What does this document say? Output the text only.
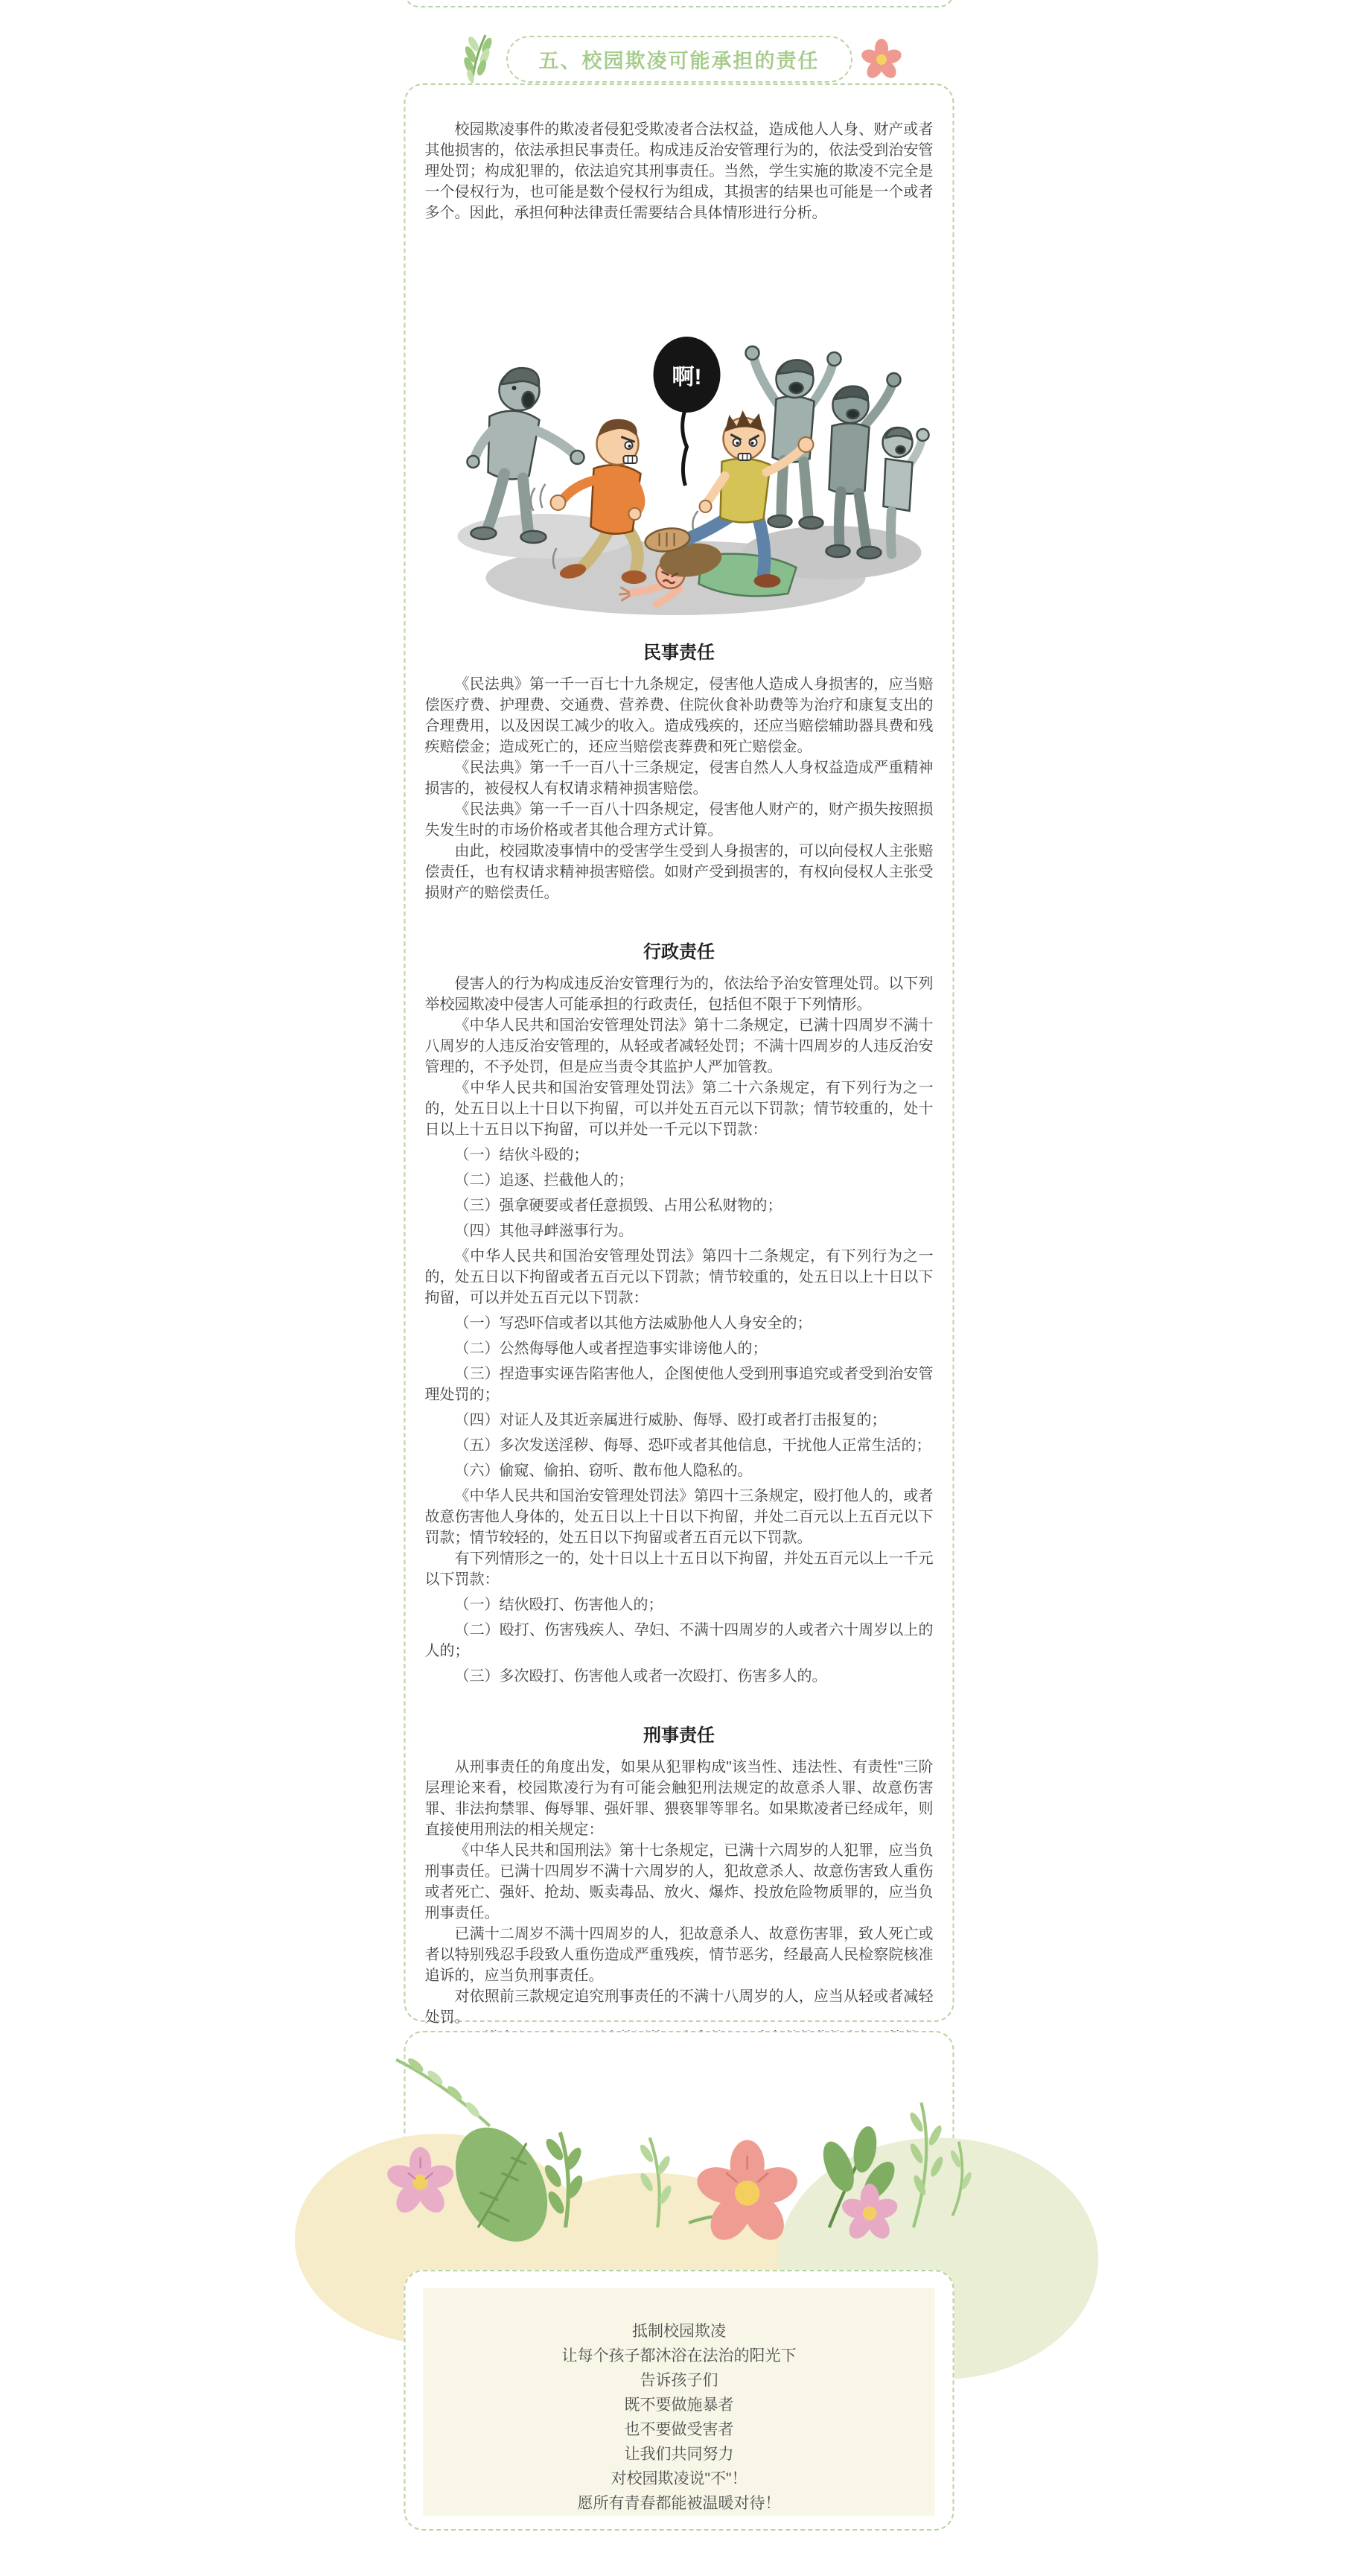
五、校园欺凌可能承担的责任

校园欺凌事件的欺凌者侵犯受欺凌者合法权益，造成他人人身、财产或者其他损害的，依法承担民事责任。构成违反治安管理行为的，依法受到治安管理处罚；构成犯罪的，依法追究其刑事责任。当然，学生实施的欺凌不完全是一个侵权行为，也可能是数个侵权行为组成，其损害的结果也可能是一个或者多个。因此，承担何种法律责任需要结合具体情形进行分析。

啊!
民事责任

《民法典》第一千一百七十九条规定，侵害他人造成人身损害的，应当赔偿医疗费、护理费、交通费、营养费、住院伙食补助费等为治疗和康复支出的合理费用，以及因误工减少的收入。造成残疾的，还应当赔偿辅助器具费和残疾赔偿金；造成死亡的，还应当赔偿丧葬费和死亡赔偿金。

《民法典》第一千一百八十三条规定，侵害自然人人身权益造成严重精神损害的，被侵权人有权请求精神损害赔偿。

《民法典》第一千一百八十四条规定，侵害他人财产的，财产损失按照损失发生时的市场价格或者其他合理方式计算。

由此，校园欺凌事情中的受害学生受到人身损害的，可以向侵权人主张赔偿责任，也有权请求精神损害赔偿。如财产受到损害的，有权向侵权人主张受损财产的赔偿责任。

行政责任

侵害人的行为构成违反治安管理行为的，依法给予治安管理处罚。以下列举校园欺凌中侵害人可能承担的行政责任，包括但不限于下列情形。

《中华人民共和国治安管理处罚法》第十二条规定，已满十四周岁不满十八周岁的人违反治安管理的，从轻或者减轻处罚；不满十四周岁的人违反治安管理的，不予处罚，但是应当责令其监护人严加管教。

《中华人民共和国治安管理处罚法》第二十六条规定，有下列行为之一的，处五日以上十日以下拘留，可以并处五百元以下罚款；情节较重的，处十日以上十五日以下拘留，可以并处一千元以下罚款：

（一）结伙斗殴的；

（二）追逐、拦截他人的；

（三）强拿硬要或者任意损毁、占用公私财物的；

（四）其他寻衅滋事行为。

《中华人民共和国治安管理处罚法》第四十二条规定，有下列行为之一的，处五日以下拘留或者五百元以下罚款；情节较重的，处五日以上十日以下拘留，可以并处五百元以下罚款：

（一）写恐吓信或者以其他方法威胁他人人身安全的；

（二）公然侮辱他人或者捏造事实诽谤他人的；

（三）捏造事实诬告陷害他人，企图使他人受到刑事追究或者受到治安管理处罚的；

（四）对证人及其近亲属进行威胁、侮辱、殴打或者打击报复的；

（五）多次发送淫秽、侮辱、恐吓或者其他信息，干扰他人正常生活的；

（六）偷窥、偷拍、窃听、散布他人隐私的。

《中华人民共和国治安管理处罚法》第四十三条规定，殴打他人的，或者故意伤害他人身体的，处五日以上十日以下拘留，并处二百元以上五百元以下罚款；情节较轻的，处五日以下拘留或者五百元以下罚款。

有下列情形之一的，处十日以上十五日以下拘留，并处五百元以上一千元以下罚款：

（一）结伙殴打、伤害他人的；

（二）殴打、伤害残疾人、孕妇、不满十四周岁的人或者六十周岁以上的人的；

（三）多次殴打、伤害他人或者一次殴打、伤害多人的。

刑事责任

从刑事责任的角度出发，如果从犯罪构成"该当性、违法性、有责性"三阶层理论来看，校园欺凌行为有可能会触犯刑法规定的故意杀人罪、故意伤害罪、非法拘禁罪、侮辱罪、强奸罪、猥亵罪等罪名。如果欺凌者已经成年，则直接使用刑法的相关规定：

《中华人民共和国刑法》第十七条规定，已满十六周岁的人犯罪，应当负刑事责任。已满十四周岁不满十六周岁的人，犯故意杀人、故意伤害致人重伤或者死亡、强奸、抢劫、贩卖毒品、放火、爆炸、投放危险物质罪的，应当负刑事责任。

已满十二周岁不满十四周岁的人，犯故意杀人、故意伤害罪，致人死亡或者以特别残忍手段致人重伤造成严重残疾，情节恶劣，经最高人民检察院核准追诉的，应当负刑事责任。

对依照前三款规定追究刑事责任的不满十八周岁的人，应当从轻或者减轻处罚。

抵制校园欺凌

让每个孩子都沐浴在法治的阳光下

告诉孩子们

既不要做施暴者

也不要做受害者

让我们共同努力

对校园欺凌说"不"！

愿所有青春都能被温暖对待！
